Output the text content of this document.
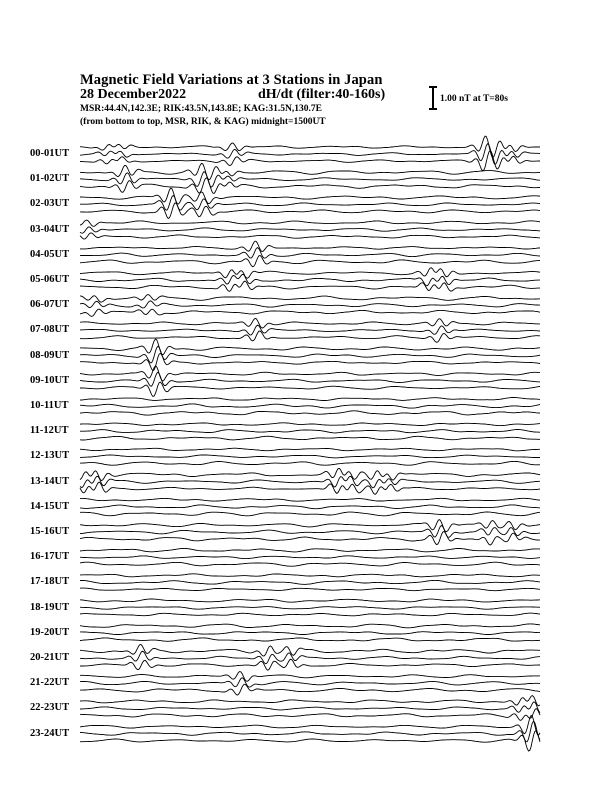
Magnetic Field Variations at 3 Stations in Japan
28 December2022	dH/dt (filter:40-160s)
MSR:44.4N,142.3E; RIK:43.5N,143.8E; KAG:31.5N,130.7E
(from bottom to top, MSR, RIK, & KAG) midnight=1500UT
1.00 nT at T=80s
00-01UT
01-02UT
02-03UT
03-04UT
04-05UT
05-06UT
06-07UT
07-08UT
08-09UT
09-10UT
10-11UT
11-12UT
12-13UT
13-14UT
14-15UT
15-16UT
16-17UT
17-18UT
18-19UT
19-20UT
20-21UT
21-22UT
22-23UT
23-24UT
